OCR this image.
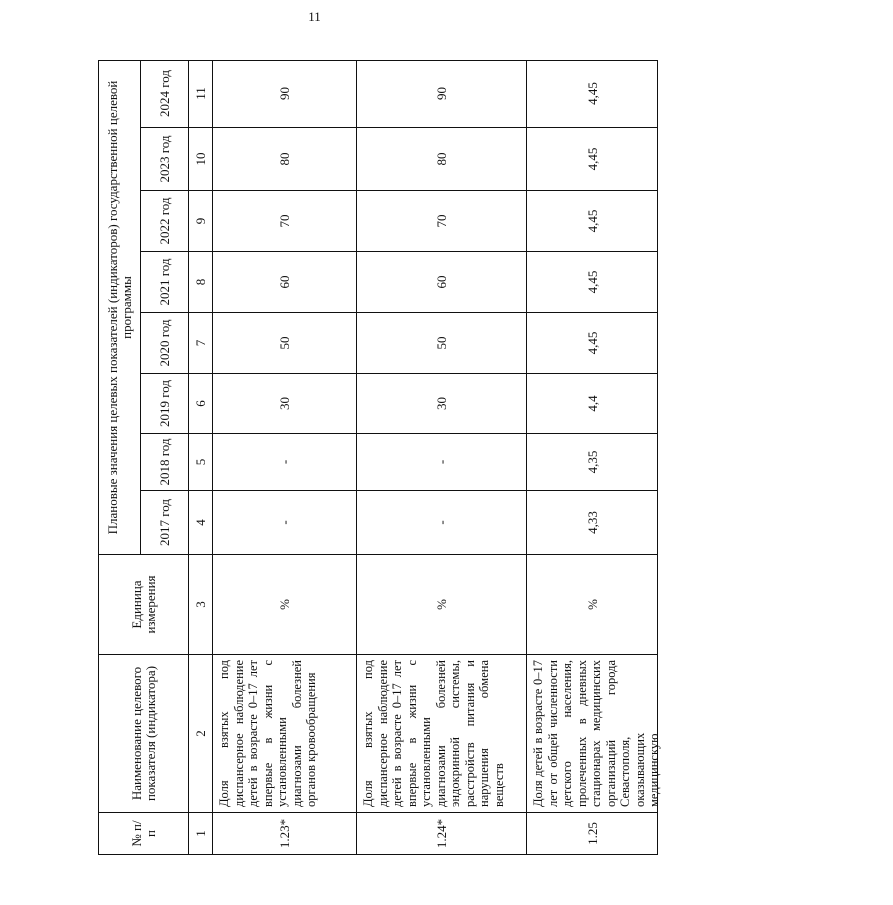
11
№ п/п
Наименование целевого показателя (индикатора)
Единица измерения
Плановые значения целевых показателей (индикаторов) государственной целевой программы
2017 год
2018 год
2019 год
2020 год
2021 год
2022 год
2023 год
2024 год
1
2
3
4
5
6
7
8
9
10
11
1.23*
Доля взятых под диспансерное наблюдение детей в возрасте 0–17 лет впервые в жизни с установленными диагнозами болезней органов кровообращения
%
-
-
30
50
60
70
80
90
1.24*
Доля взятых под диспансерное наблюдение детей в возрасте 0–17 лет впервые в жизни с установленными диагнозами болезней эндокринной системы, расстройств питания и нарушения обмена веществ
%
-
-
30
50
60
70
80
90
1.25
Доля детей в возрасте 0–17 лет от общей численности детского населения, пролеченных в дневных стационарах медицинских организаций города Севастополя, оказывающих медицинскую
%
4,33
4,35
4,4
4,45
4,45
4,45
4,45
4,45
